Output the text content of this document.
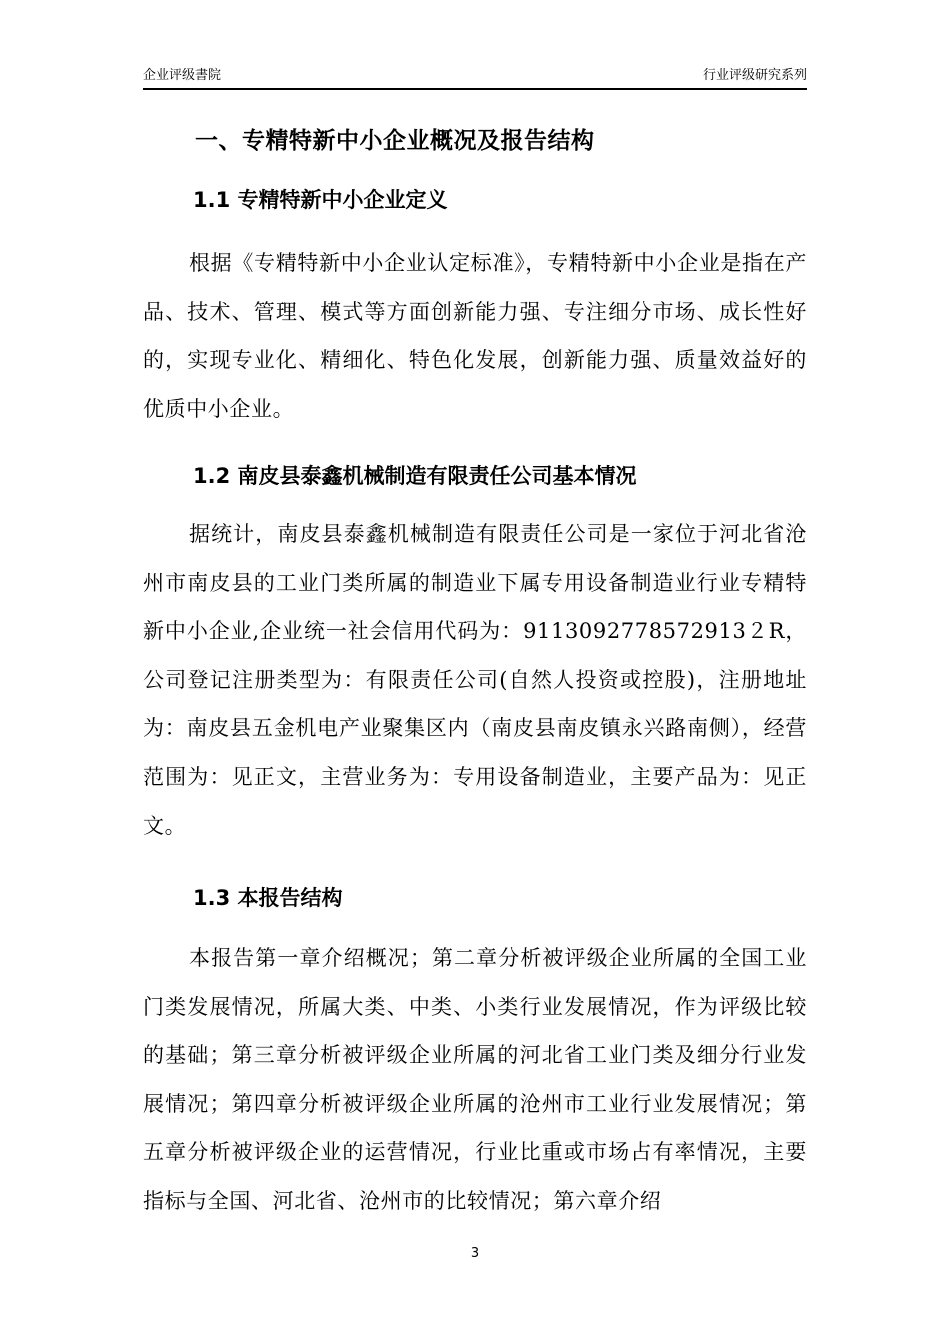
企业评级書院	行业评级研究系列
一、专精特新中小企业概况及报告结构
1.1 专精特新中小企业定义
根据《专精特新中小企业认定标准》，专精特新中小企业是指在产品、技术、管理、模式等方面创新能力强、专注细分市场、成长性好的，实现专业化、精细化、特色化发展，创新能力强、质量效益好的优质中小企业。
1.2 南皮县泰鑫机械制造有限责任公司基本情况
据统计，南皮县泰鑫机械制造有限责任公司是一家位于河北省沧州市南皮县的工业门类所属的制造业下属专用设备制造业行业专精特新中小企业,企业统一社会信用代码为：9113092778572913２R，公司登记注册类型为：有限责任公司(自然人投资或控股)，注册地址为：南皮县五金机电产业聚集区内（南皮县南皮镇永兴路南侧），经营范围为：见正文，主营业务为：专用设备制造业，主要产品为：见正文。
1.3 本报告结构
本报告第一章介绍概况；第二章分析被评级企业所属的全国工业门类发展情况，所属大类、中类、小类行业发展情况，作为评级比较的基础；第三章分析被评级企业所属的河北省工业门类及细分行业发展情况；第四章分析被评级企业所属的沧州市工业行业发展情况；第五章分析被评级企业的运营情况，行业比重或市场占有率情况，主要指标与全国、河北省、沧州市的比较情况；第六章介绍
3
